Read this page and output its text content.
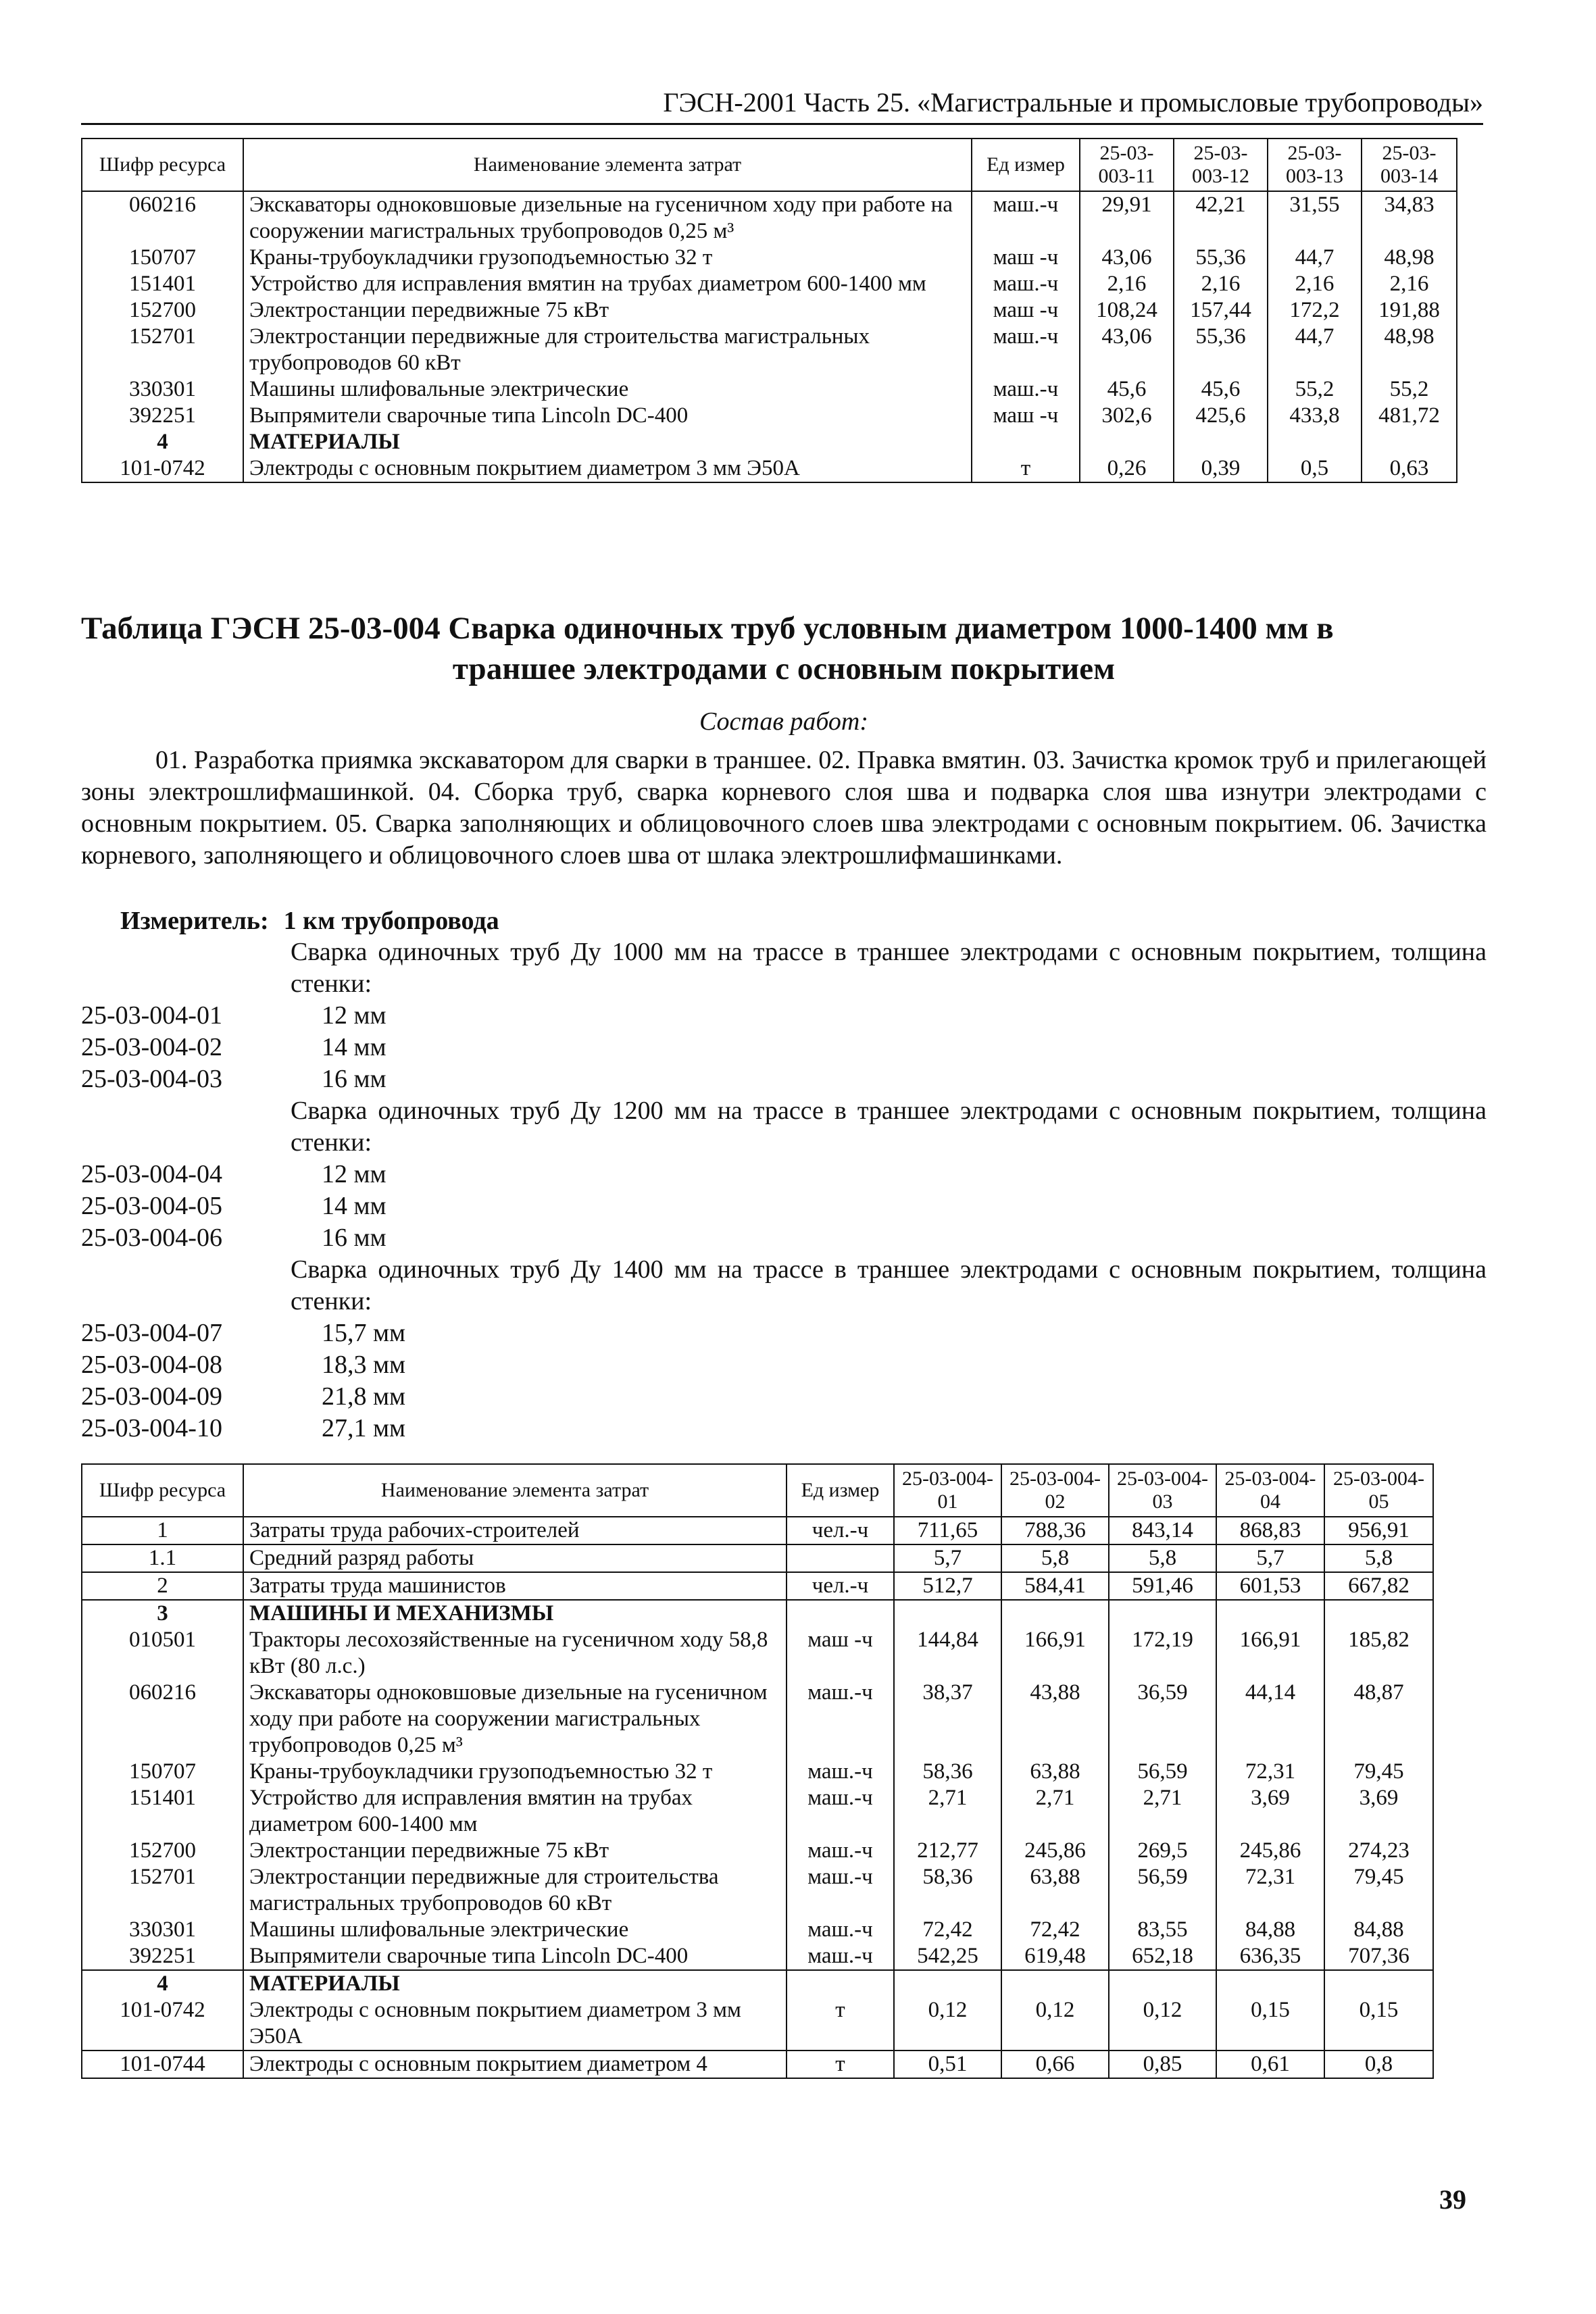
ГЭСН-2001 Часть 25. «Магистральные и промысловые трубопроводы»
Шифр ресурса	Наименование элемента затрат	Ед измер	25-03-003-11	25-03-003-12	25-03-003-13	25-03-003-14
060216	Экскаваторы одноковшовые дизельные на гусеничном ходу при работе на сооружении магистральных трубопроводов 0,25 м³	маш.-ч	29,91	42,21	31,55	34,83
150707	Краны-трубоукладчики грузоподъемностью 32 т	маш -ч	43,06	55,36	44,7	48,98
151401	Устройство для исправления вмятин на трубах диаметром 600-1400 мм	маш.-ч	2,16	2,16	2,16	2,16
152700	Электростанции передвижные 75 кВт	маш -ч	108,24	157,44	172,2	191,88
152701	Электростанции передвижные для строительства магистральных трубопроводов 60 кВт	маш.-ч	43,06	55,36	44,7	48,98
330301	Машины шлифовальные электрические	маш.-ч	45,6	45,6	55,2	55,2
392251	Выпрямители сварочные типа Lincoln DC-400	маш -ч	302,6	425,6	433,8	481,72
4	МАТЕРИАЛЫ					
101-0742	Электроды с основным покрытием диаметром 3 мм Э50А	т	0,26	0,39	0,5	0,63
Таблица ГЭСН 25-03-004 Сварка одиночных труб условным диаметром 1000-1400 мм в
траншее электродами с основным покрытием
Состав работ:
01. Разработка приямка экскаватором для сварки в траншее. 02. Правка вмятин. 03. Зачистка кромок труб и прилегающей зоны электрошлифмашинкой. 04. Сборка труб, сварка корневого слоя шва и подварка слоя шва изнутри электродами с основным покрытием. 05. Сварка заполняющих и облицовочного слоев шва электродами с основным покрытием. 06. Зачистка корневого, заполняющего и облицовочного слоев шва от шлака электрошлифмашинками.
Измеритель: 1 км трубопровода
Сварка одиночных труб Ду 1000 мм на трассе в траншее электродами с основным покрытием, толщина стенки:
25-03-004-01	12 мм
25-03-004-02	14 мм
25-03-004-03	16 мм
Сварка одиночных труб Ду 1200 мм на трассе в траншее электродами с основным покрытием, толщина стенки:
25-03-004-04	12 мм
25-03-004-05	14 мм
25-03-004-06	16 мм
Сварка одиночных труб Ду 1400 мм на трассе в траншее электродами с основным покрытием, толщина стенки:
25-03-004-07	15,7 мм
25-03-004-08	18,3 мм
25-03-004-09	21,8 мм
25-03-004-10	27,1 мм
Шифр ресурса	Наименование элемента затрат	Ед измер	25-03-004-01	25-03-004-02	25-03-004-03	25-03-004-04	25-03-004-05
1	Затраты труда рабочих-строителей	чел.-ч	711,65	788,36	843,14	868,83	956,91
1.1	Средний разряд работы		5,7	5,8	5,8	5,7	5,8
2	Затраты труда машинистов	чел.-ч	512,7	584,41	591,46	601,53	667,82
3	МАШИНЫ И МЕХАНИЗМЫ						
010501	Тракторы лесохозяйственные на гусеничном ходу 58,8 кВт (80 л.с.)	маш -ч	144,84	166,91	172,19	166,91	185,82
060216	Экскаваторы одноковшовые дизельные на гусеничном ходу при работе на сооружении магистральных трубопроводов 0,25 м³	маш.-ч	38,37	43,88	36,59	44,14	48,87
150707	Краны-трубоукладчики грузоподъемностью 32 т	маш.-ч	58,36	63,88	56,59	72,31	79,45
151401	Устройство для исправления вмятин на трубах диаметром 600-1400 мм	маш.-ч	2,71	2,71	2,71	3,69	3,69
152700	Электростанции передвижные 75 кВт	маш.-ч	212,77	245,86	269,5	245,86	274,23
152701	Электростанции передвижные для строительства магистральных трубопроводов 60 кВт	маш.-ч	58,36	63,88	56,59	72,31	79,45
330301	Машины шлифовальные электрические	маш.-ч	72,42	72,42	83,55	84,88	84,88
392251	Выпрямители сварочные типа Lincoln DC-400	маш.-ч	542,25	619,48	652,18	636,35	707,36
4	МАТЕРИАЛЫ						
101-0742	Электроды с основным покрытием диаметром 3 мм Э50А	т	0,12	0,12	0,12	0,15	0,15
101-0744	Электроды с основным покрытием диаметром 4	т	0,51	0,66	0,85	0,61	0,8
39
